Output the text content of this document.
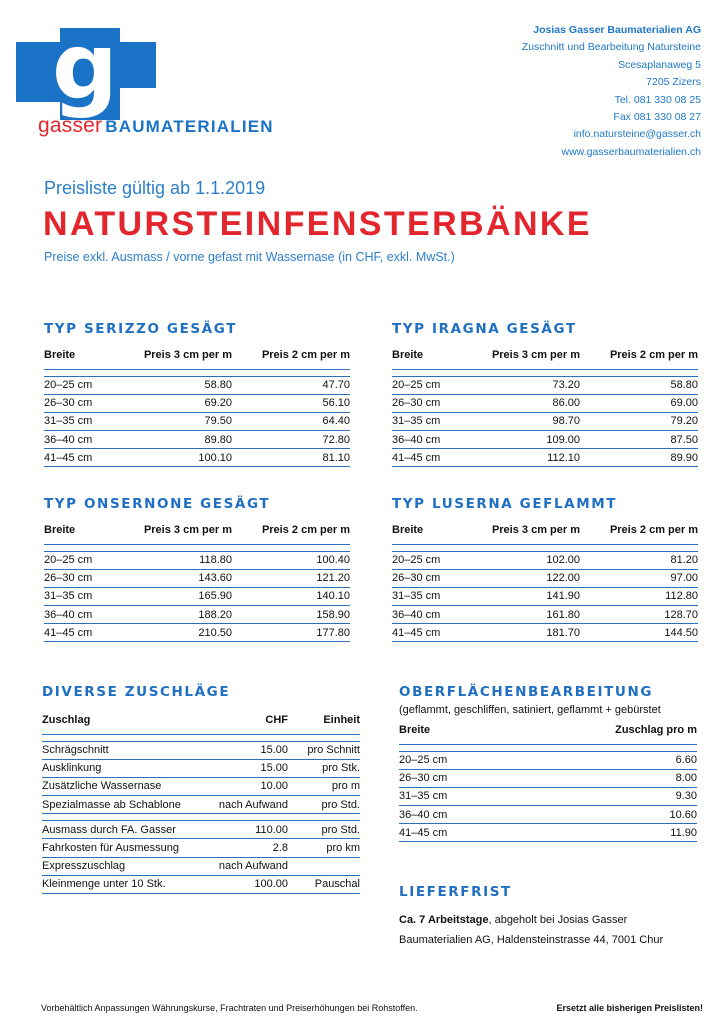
g
gasser BAUMATERIALIEN
Josias Gasser Baumaterialien AG
Zuschnitt und Bearbeitung Natursteine
Scesaplanaweg 5
7205 Zizers
Tel. 081 330 08 25
Fax 081 330 08 27
info.natursteine@gasser.ch
www.gasserbaumaterialien.ch
Preisliste gültig ab 1.1.2019
NATURSTEINFENSTERBÄNKE
Preise exkl. Ausmass / vorne gefast mit Wassernase (in CHF, exkl. MwSt.)
TYP SERIZZO GESÄGT
Breite	Preis 3 cm per m	Preis 2 cm per m

20–25 cm	58.80	47.70
26–30 cm	69.20	56.10
31–35 cm	79.50	64.40
36–40 cm	89.80	72.80
41–45 cm	100.10	81.10
TYP IRAGNA GESÄGT
Breite	Preis 3 cm per m	Preis 2 cm per m

20–25 cm	73.20	58.80
26–30 cm	86.00	69.00
31–35 cm	98.70	79.20
36–40 cm	109.00	87.50
41–45 cm	112.10	89.90
TYP ONSERNONE GESÄGT
Breite	Preis 3 cm per m	Preis 2 cm per m

20–25 cm	118.80	100.40
26–30 cm	143.60	121.20
31–35 cm	165.90	140.10
36–40 cm	188.20	158.90
41–45 cm	210.50	177.80
TYP LUSERNA GEFLAMMT
Breite	Preis 3 cm per m	Preis 2 cm per m

20–25 cm	102.00	81.20
26–30 cm	122.00	97.00
31–35 cm	141.90	112.80
36–40 cm	161.80	128.70
41–45 cm	181.70	144.50
DIVERSE ZUSCHLÄGE
Zuschlag	CHF	Einheit

Schrägschnitt	15.00	pro Schnitt
Ausklinkung	15.00	pro Stk.
Zusätzliche Wassernase	10.00	pro m
Spezialmasse ab Schablone	nach Aufwand	pro Std.

Ausmass durch FA. Gasser	110.00	pro Std.
Fahrkosten für Ausmessung	2.8	pro km
Expresszuschlag	nach Aufwand	
Kleinmenge unter 10 Stk.	100.00	Pauschal
OBERFLÄCHENBEARBEITUNG
(geflammt, geschliffen, satiniert, geflammt + gebürstet
Breite	Zuschlag pro m

20–25 cm	6.60
26–30 cm	8.00
31–35 cm	9.30
36–40 cm	10.60
41–45 cm	11.90
LIEFERFRIST

Ca. 7 Arbeitstage, abgeholt bei Josias Gasser
Baumaterialien AG, Haldensteinstrasse 44, 7001 Chur

Vorbehältlich Anpassungen Währungskurse, Frachtraten und Preiserhöhungen bei Rohstoffen.	Ersetzt alle bisherigen Preislisten!
